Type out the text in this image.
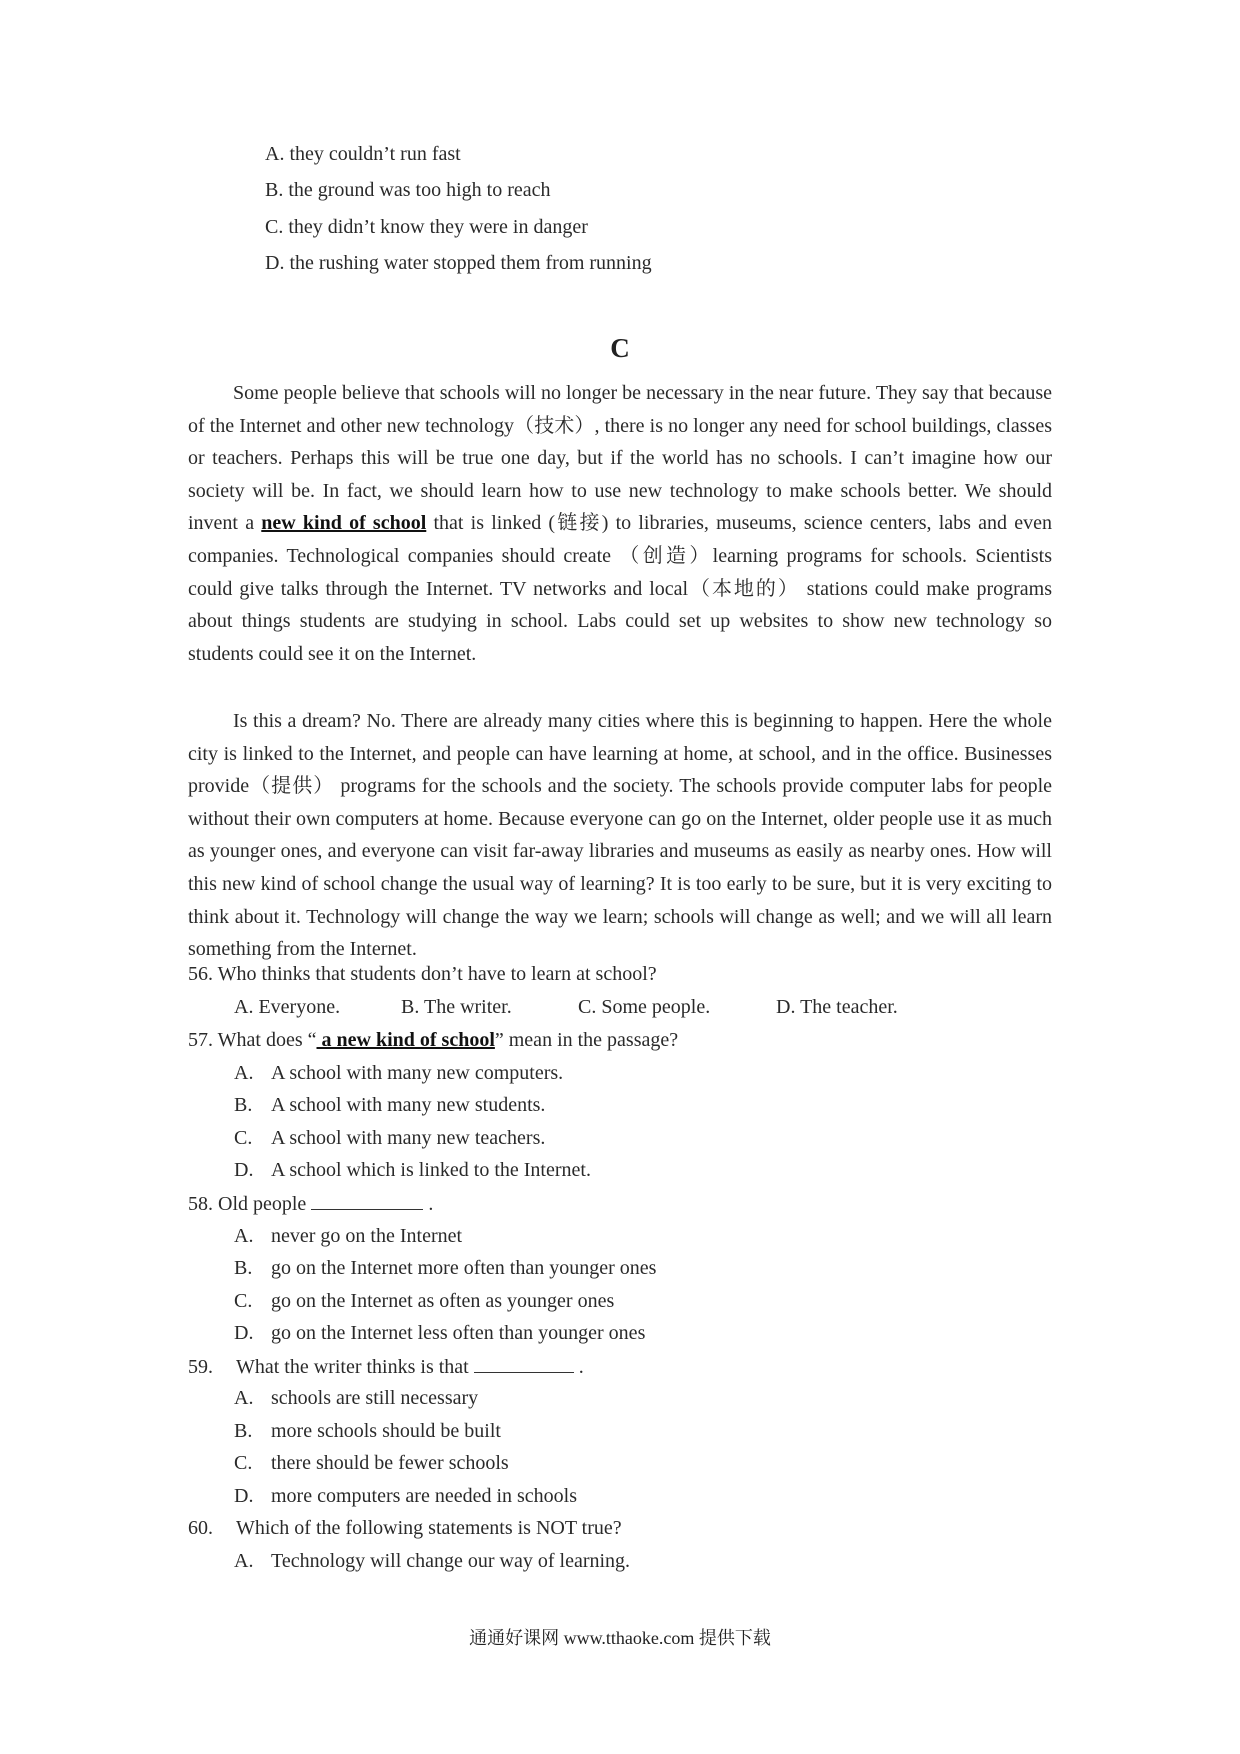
A. they couldn’t run fast
B. the ground was too high to reach
C. they didn’t know they were in danger
D. the rushing water stopped them from running
C
Some people believe that schools will no longer be necessary in the near future. They say that because of the Internet and other new technology（技术）, there is no longer any need for school buildings, classes or teachers. Perhaps this will be true one day, but if the world has no schools. I can’t imagine how our society will be. In fact, we should learn how to use new technology to make schools better. We should invent a new kind of school that is linked (链接) to libraries, museums, science centers, labs and even companies. Technological companies should create （创造）learning programs for schools. Scientists could give talks through the Internet. TV networks and local（本地的） stations could make programs about things students are studying in school. Labs could set up websites to show new technology so students could see it on the Internet.
Is this a dream? No. There are already many cities where this is beginning to happen. Here the whole city is linked to the Internet, and people can have learning at home, at school, and in the office. Businesses provide（提供） programs for the schools and the society. The schools provide computer labs for people without their own computers at home. Because everyone can go on the Internet, older people use it as much as younger ones, and everyone can visit far-away libraries and museums as easily as nearby ones. How will this new kind of school change the usual way of learning? It is too early to be sure, but it is very exciting to think about it. Technology will change the way we learn; schools will change as well; and we will all learn something from the Internet.
56. Who thinks that students don’t have to learn at school?
A. Everyone.	B. The writer.	C. Some people.	D. The teacher.
57. What does “ a new kind of school” mean in the passage?
A. A school with many new computers.
B. A school with many new students.
C. A school with many new teachers.
D. A school which is linked to the Internet.
58. Old people	.
A. never go on the Internet
B. go on the Internet more often than younger ones
C. go on the Internet as often as younger ones
D. go on the Internet less often than younger ones
59. What the writer thinks is that	.
A. schools are still necessary
B. more schools should be built
C. there should be fewer schools
D. more computers are needed in schools
60. Which of the following statements is NOT true?
A. Technology will change our way of learning.
通通好课网 www.tthaoke.com 提供下载
